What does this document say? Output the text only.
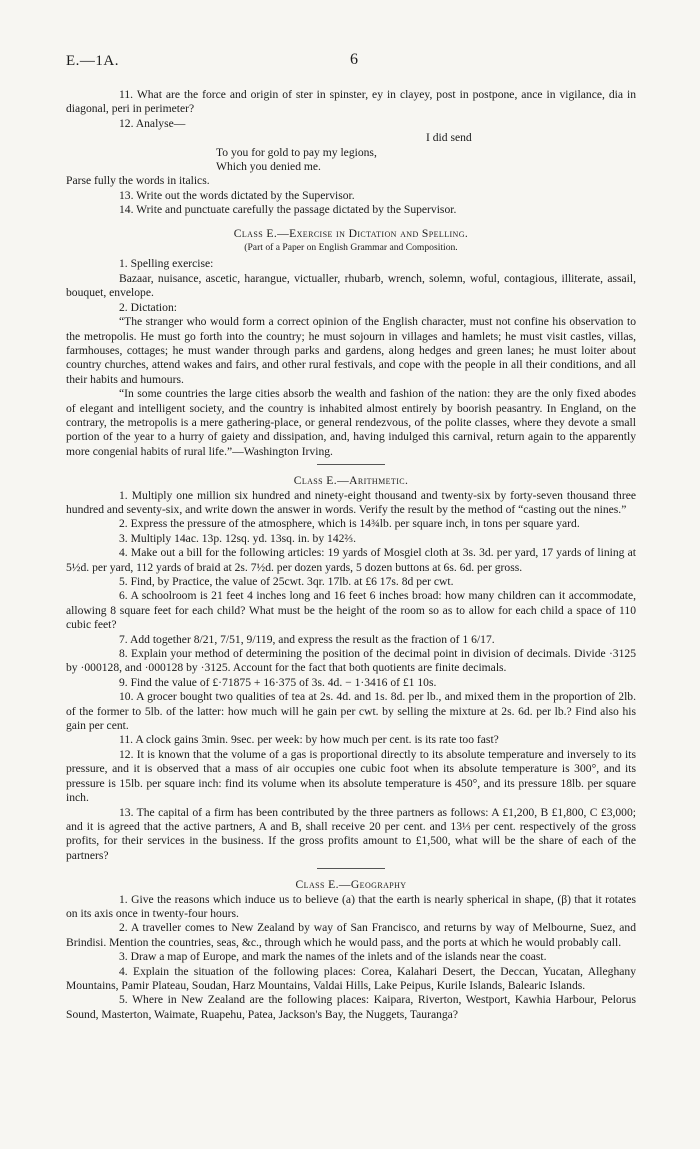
E.—1A.	6

11. What are the force and origin of ster in spinster, ey in clayey, post in postpone, ance in vigilance, dia in diagonal, peri in perimeter?

12. Analyse—

I did send
To you for gold to pay my legions,
Which you denied me.

Parse fully the words in italics.

13. Write out the words dictated by the Supervisor.

14. Write and punctuate carefully the passage dictated by the Supervisor.

Class E.—Exercise in Dictation and Spelling.
(Part of a Paper on English Grammar and Composition.

1. Spelling exercise:

Bazaar, nuisance, ascetic, harangue, victualler, rhubarb, wrench, solemn, woful, contagious, illiterate, assail, bouquet, envelope.

2. Dictation:

“The stranger who would form a correct opinion of the English character, must not confine his observation to the metropolis. He must go forth into the country; he must sojourn in villages and hamlets; he must visit castles, villas, farmhouses, cottages; he must wander through parks and gardens, along hedges and green lanes; he must loiter about country churches, attend wakes and fairs, and other rural festivals, and cope with the people in all their conditions, and all their habits and humours.

“In some countries the large cities absorb the wealth and fashion of the nation: they are the only fixed abodes of elegant and intelligent society, and the country is inhabited almost entirely by boorish peasantry. In England, on the contrary, the metropolis is a mere gathering-place, or general rendezvous, of the polite classes, where they devote a small portion of the year to a hurry of gaiety and dissipation, and, having indulged this carnival, return again to the apparently more congenial habits of rural life.”—Washington Irving.

Class E.—Arithmetic.

1. Multiply one million six hundred and ninety-eight thousand and twenty-six by forty-seven thousand three hundred and seventy-six, and write down the answer in words. Verify the result by the method of “casting out the nines.”

2. Express the pressure of the atmosphere, which is 14¾lb. per square inch, in tons per square yard.

3. Multiply 14ac. 13p. 12sq. yd. 13sq. in. by 142⅔.

4. Make out a bill for the following articles: 19 yards of Mosgiel cloth at 3s. 3d. per yard, 17 yards of lining at 5½d. per yard, 112 yards of braid at 2s. 7½d. per dozen yards, 5 dozen buttons at 6s. 6d. per gross.

5. Find, by Practice, the value of 25cwt. 3qr. 17lb. at £6 17s. 8d per cwt.

6. A schoolroom is 21 feet 4 inches long and 16 feet 6 inches broad: how many children can it accommodate, allowing 8 square feet for each child? What must be the height of the room so as to allow for each child a space of 110 cubic feet?

7. Add together 8/21, 7/51, 9/119, and express the result as the fraction of 1 6/17.

8. Explain your method of determining the position of the decimal point in division of decimals. Divide ·3125 by ·000128, and ·000128 by ·3125. Account for the fact that both quotients are finite decimals.

9. Find the value of £·71875 + 16·375 of 3s. 4d. − 1·3416 of £1 10s.

10. A grocer bought two qualities of tea at 2s. 4d. and 1s. 8d. per lb., and mixed them in the proportion of 2lb. of the former to 5lb. of the latter: how much will he gain per cwt. by selling the mixture at 2s. 6d. per lb.? Find also his gain per cent.

11. A clock gains 3min. 9sec. per week: by how much per cent. is its rate too fast?

12. It is known that the volume of a gas is proportional directly to its absolute temperature and inversely to its pressure, and it is observed that a mass of air occupies one cubic foot when its absolute temperature is 300°, and its pressure is 15lb. per square inch: find its volume when its absolute temperature is 450°, and its pressure 18lb. per square inch.

13. The capital of a firm has been contributed by the three partners as follows: A £1,200, B £1,800, C £3,000; and it is agreed that the active partners, A and B, shall receive 20 per cent. and 13⅓ per cent. respectively of the gross profits, for their services in the business. If the gross profits amount to £1,500, what will be the share of each of the partners?

Class E.—Geography

1. Give the reasons which induce us to believe (a) that the earth is nearly spherical in shape, (β) that it rotates on its axis once in twenty-four hours.

2. A traveller comes to New Zealand by way of San Francisco, and returns by way of Melbourne, Suez, and Brindisi. Mention the countries, seas, &c., through which he would pass, and the ports at which he would probably call.

3. Draw a map of Europe, and mark the names of the inlets and of the islands near the coast.

4. Explain the situation of the following places: Corea, Kalahari Desert, the Deccan, Yucatan, Alleghany Mountains, Pamir Plateau, Soudan, Harz Mountains, Valdai Hills, Lake Peipus, Kurile Islands, Balearic Islands.

5. Where in New Zealand are the following places: Kaipara, Riverton, Westport, Kawhia Harbour, Pelorus Sound, Masterton, Waimate, Ruapehu, Patea, Jackson's Bay, the Nuggets, Tauranga?
